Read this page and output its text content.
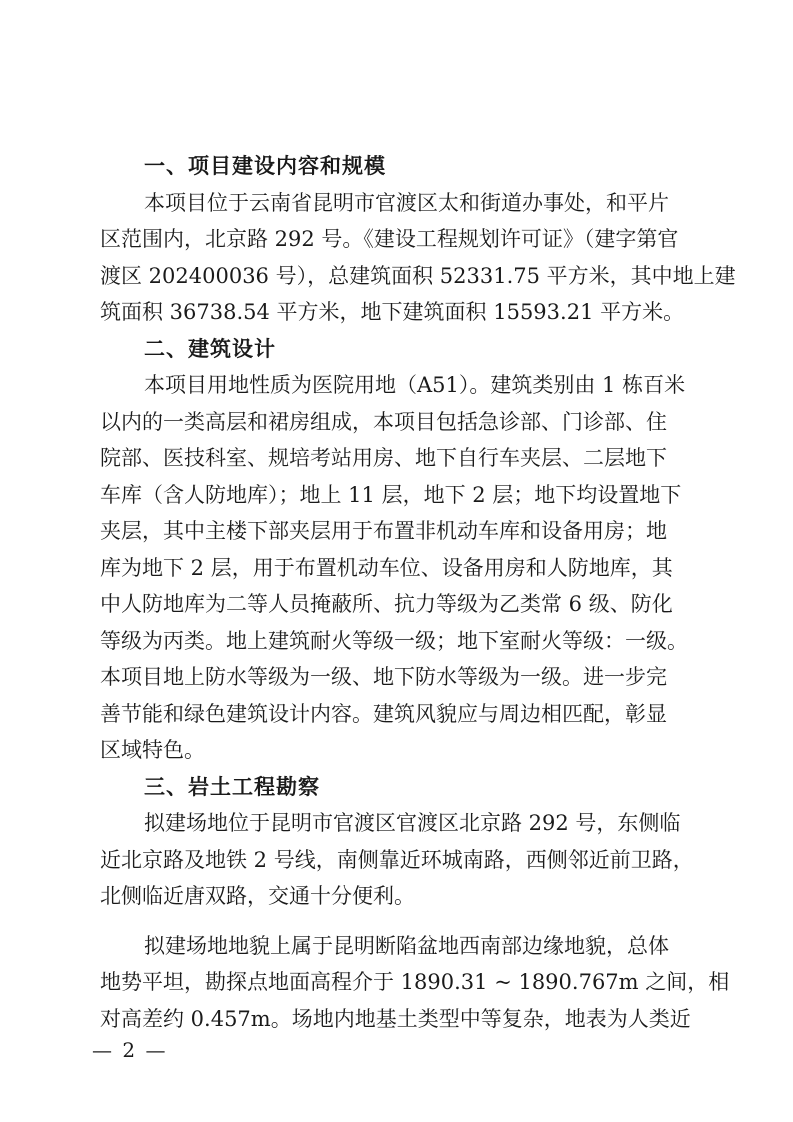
一、项目建设内容和规模

本项目位于云南省昆明市官渡区太和街道办事处，和平片
区范围内，北京路 292 号。《建设工程规划许可证》（建字第官
渡区 202400036 号），总建筑面积 52331.75 平方米，其中地上建
筑面积 36738.54 平方米，地下建筑面积 15593.21 平方米。

二、建筑设计

本项目用地性质为医院用地（A51）。建筑类别由 1 栋百米
以内的一类高层和裙房组成，本项目包括急诊部、门诊部、住
院部、医技科室、规培考站用房、地下自行车夹层、二层地下
车库（含人防地库）；地上 11 层，地下 2 层；地下均设置地下
夹层，其中主楼下部夹层用于布置非机动车库和设备用房；地
库为地下 2 层，用于布置机动车位、设备用房和人防地库，其
中人防地库为二等人员掩蔽所、抗力等级为乙类常 6 级、防化
等级为丙类。地上建筑耐火等级一级；地下室耐火等级：一级。
本项目地上防水等级为一级、地下防水等级为一级。进一步完
善节能和绿色建筑设计内容。建筑风貌应与周边相匹配，彰显
区域特色。

三、岩土工程勘察

拟建场地位于昆明市官渡区官渡区北京路 292 号，东侧临
近北京路及地铁 2 号线，南侧靠近环城南路，西侧邻近前卫路，
北侧临近唐双路，交通十分便利。

拟建场地地貌上属于昆明断陷盆地西南部边缘地貌，总体
地势平坦，勘探点地面高程介于 1890.31 ~ 1890.767m 之间，相
对高差约 0.457m。场地内地基土类型中等复杂，地表为人类近

— 2 —
